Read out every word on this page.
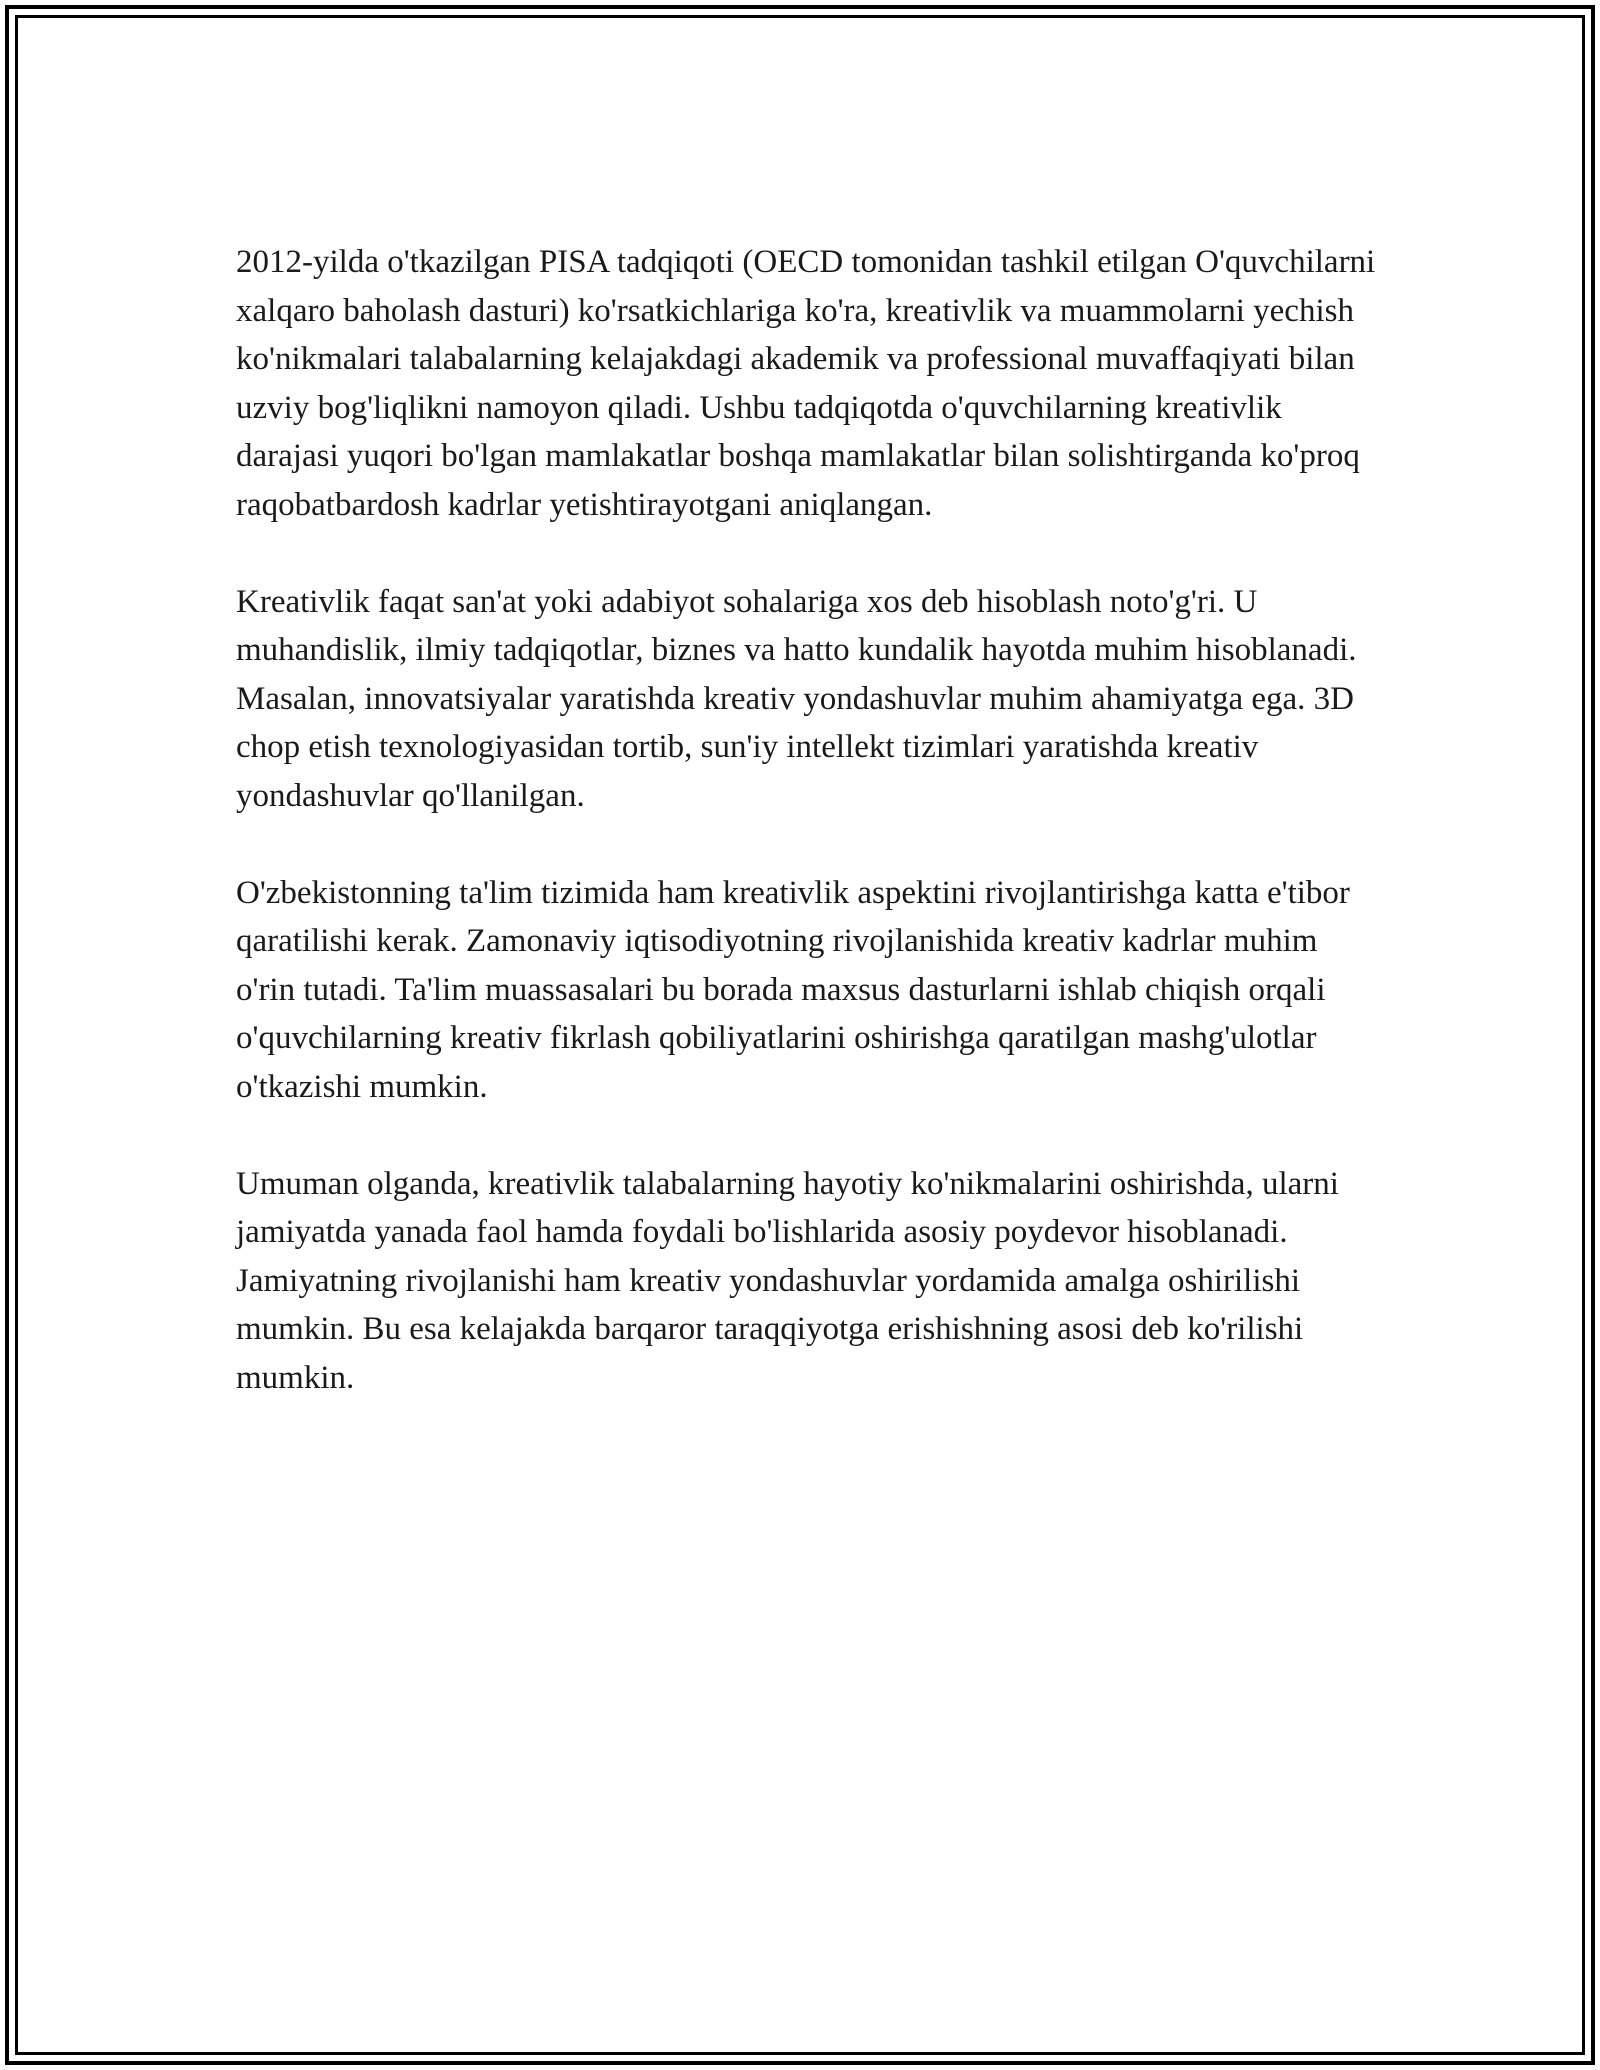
2012-yilda o'tkazilgan PISA tadqiqoti (OECD tomonidan tashkil etilgan O'quvchilarni xalqaro baholash dasturi) ko'rsatkichlariga ko'ra, kreativlik va muammolarni yechish ko'nikmalari talabalarning kelajakdagi akademik va professional muvaffaqiyati bilan uzviy bog'liqlikni namoyon qiladi. Ushbu tadqiqotda o'quvchilarning kreativlik darajasi yuqori bo'lgan mamlakatlar boshqa mamlakatlar bilan solishtirganda ko'proq raqobatbardosh kadrlar yetishtirayotgani aniqlangan.

Kreativlik faqat san'at yoki adabiyot sohalariga xos deb hisoblash noto'g'ri. U muhandislik, ilmiy tadqiqotlar, biznes va hatto kundalik hayotda muhim hisoblanadi. Masalan, innovatsiyalar yaratishda kreativ yondashuvlar muhim ahamiyatga ega. 3D chop etish texnologiyasidan tortib, sun'iy intellekt tizimlari yaratishda kreativ yondashuvlar qo'llanilgan.

O'zbekistonning ta'lim tizimida ham kreativlik aspektini rivojlantirishga katta e'tibor qaratilishi kerak. Zamonaviy iqtisodiyotning rivojlanishida kreativ kadrlar muhim o'rin tutadi. Ta'lim muassasalari bu borada maxsus dasturlarni ishlab chiqish orqali o'quvchilarning kreativ fikrlash qobiliyatlarini oshirishga qaratilgan mashg'ulotlar o'tkazishi mumkin.

Umuman olganda, kreativlik talabalarning hayotiy ko'nikmalarini oshirishda, ularni jamiyatda yanada faol hamda foydali bo'lishlarida asosiy poydevor hisoblanadi. Jamiyatning rivojlanishi ham kreativ yondashuvlar yordamida amalga oshirilishi mumkin. Bu esa kelajakda barqaror taraqqiyotga erishishning asosi deb ko'rilishi mumkin.
